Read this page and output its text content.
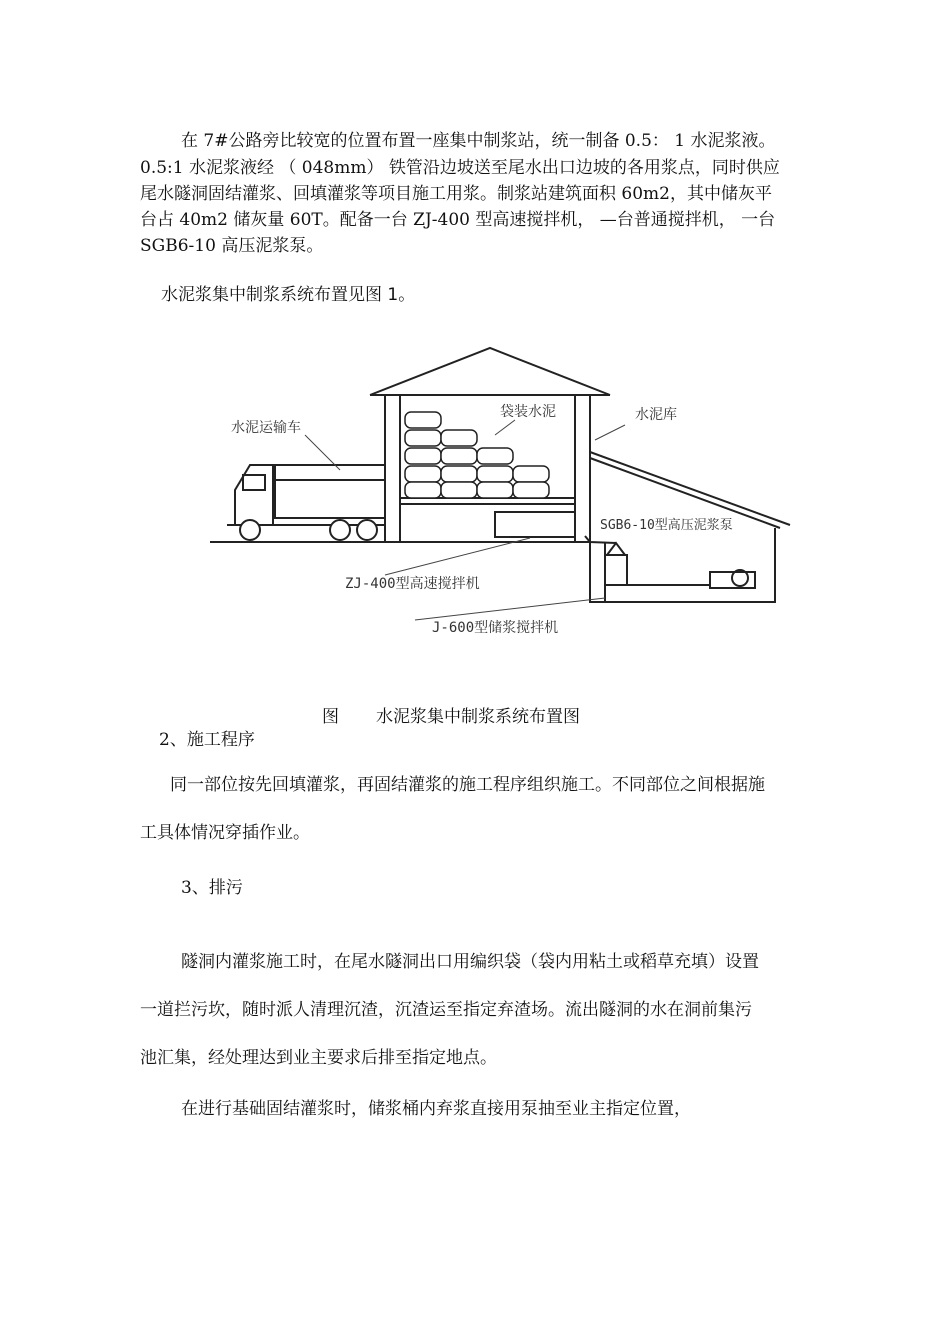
在 7#公路旁比较宽的位置布置一座集中制浆站，统一制备 0.5： 1 水泥浆液。
0.5:1 水泥浆液经 （ 048mm） 铁管沿边坡送至尾水出口边坡的各用浆点，同时供应
尾水隧洞固结灌浆、回填灌浆等项目施工用浆。制浆站建筑面积 60m2，其中储灰平
台占 40m2 储灰量 60T。配备一台 ZJ-400 型高速搅拌机， —台普通搅拌机， 一台
SGB6-10 高压泥浆泵。
水泥浆集中制浆系统布置见图 1。
水泥运输车
袋装水泥	水泥库
SGB6-10型高压泥浆泵
ZJ-400型高速搅拌机
J-600型储浆搅拌机
图 水泥浆集中制浆系统布置图
2、施工程序
同一部位按先回填灌浆，再固结灌浆的施工程序组织施工。不同部位之间根据施
工具体情况穿插作业。
3、排污
隧洞内灌浆施工时，在尾水隧洞出口用编织袋（袋内用粘土或稻草充填）设置
一道拦污坎，随时派人清理沉渣，沉渣运至指定弃渣场。流出隧洞的水在洞前集污
池汇集，经处理达到业主要求后排至指定地点。
在进行基础固结灌浆时，储浆桶内弃浆直接用泵抽至业主指定位置，
